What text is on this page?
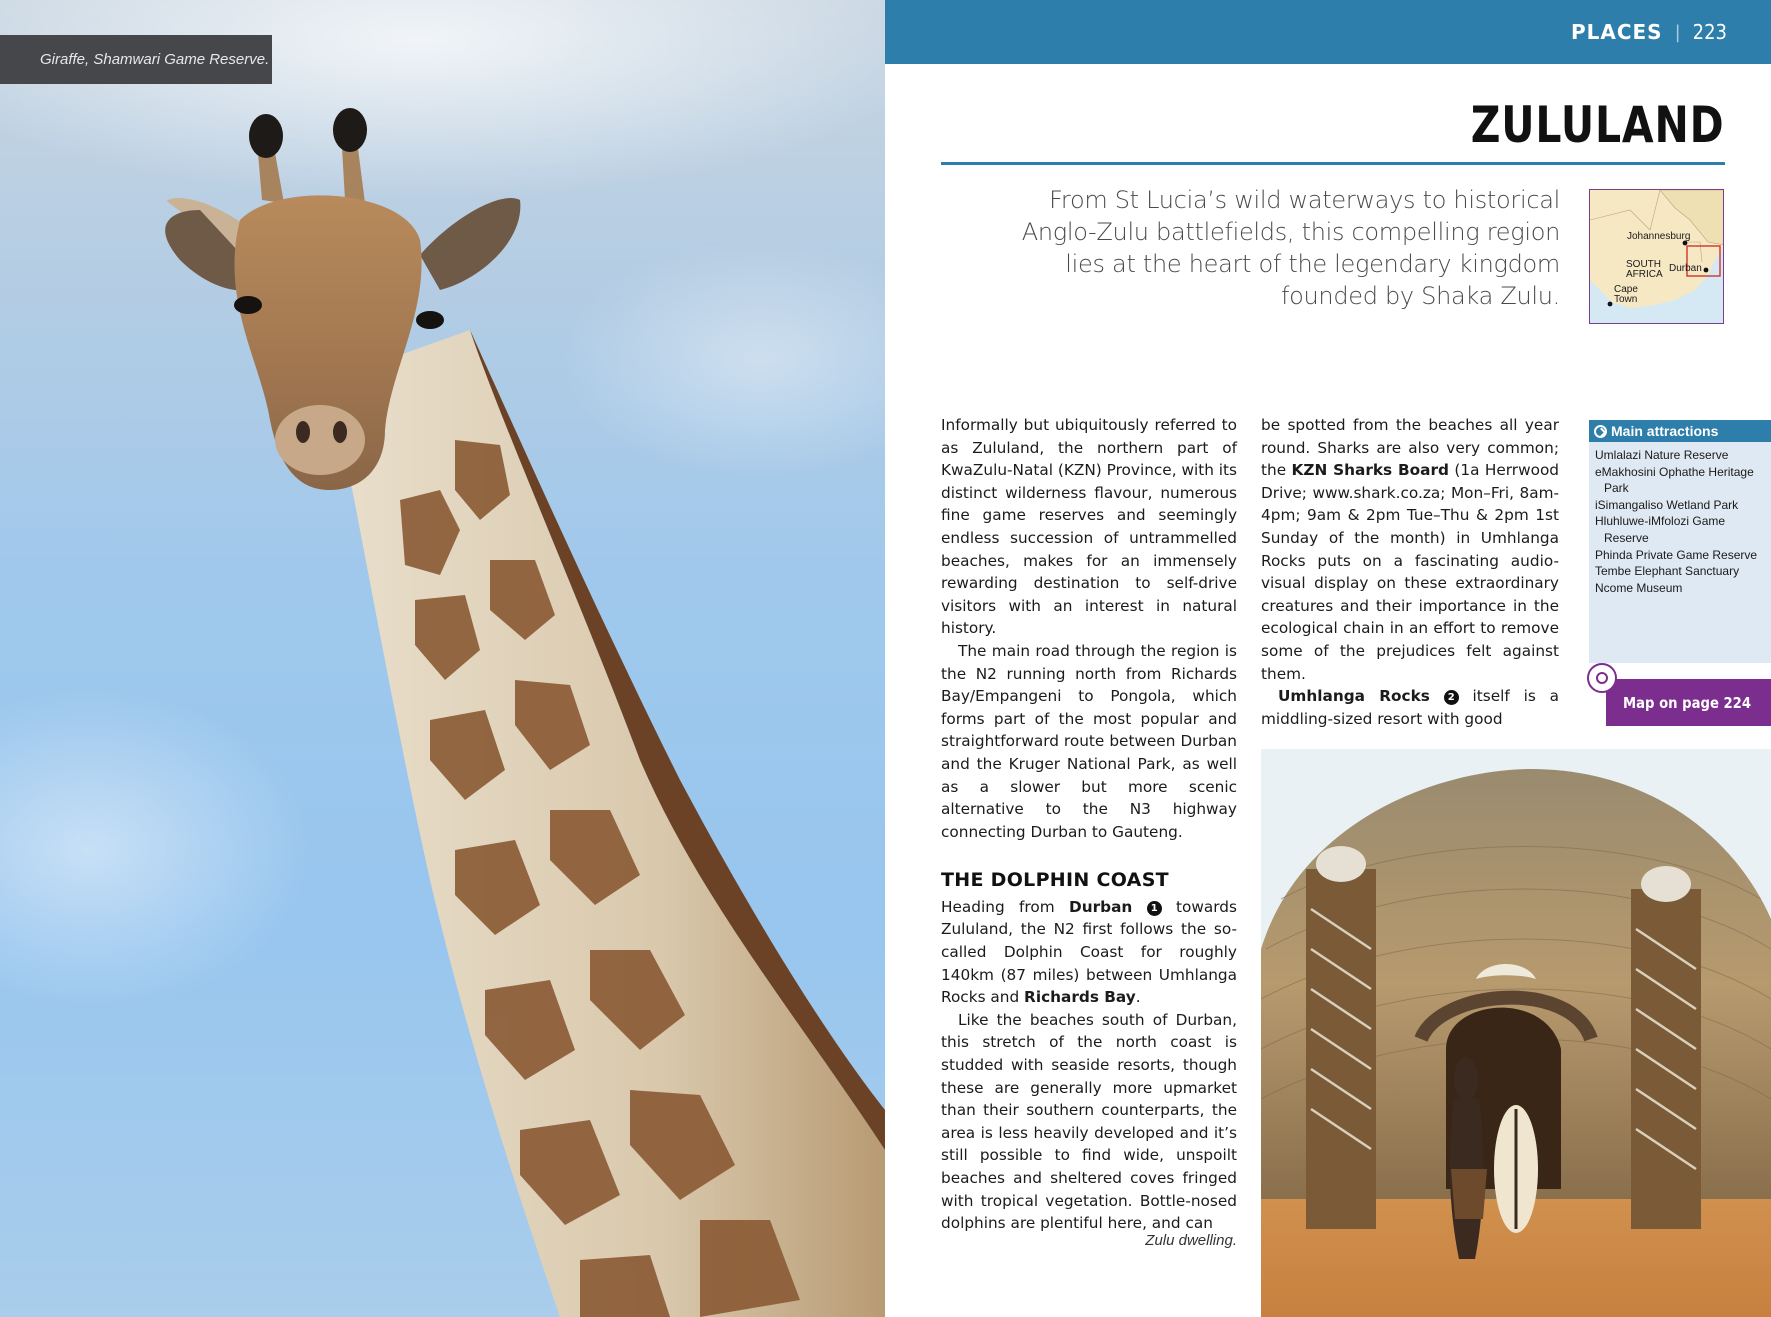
Giraffe, Shamwari Game Reserve.
PLACES | 223
ZULULAND
From St Lucia’s wild waterways to historical Anglo-Zulu battlefields, this compelling region lies at the heart of the legendary kingdom founded by Shaka Zulu.
Johannesburg
SOUTH AFRICA
Durban
Cape Town

Informally but ubiquitously referred to as Zululand, the northern part of KwaZulu-Natal (KZN) Province, with its distinct wilderness flavour, numerous fine game reserves and seemingly endless succession of untrammelled beaches, makes for an immensely rewarding destination to self-drive visitors with an interest in natural history.

The main road through the region is the N2 running north from Richards Bay/Empangeni to Pongola, which forms part of the most popular and straightforward route between Durban and the Kruger National Park, as well as a slower but more scenic alternative to the N3 highway connecting Durban to Gauteng.

THE DOLPHIN COAST

Heading from Durban 1 towards Zululand, the N2 first follows the so-called Dolphin Coast for roughly 140km (87 miles) between Umhlanga Rocks and Richards Bay.

Like the beaches south of Durban, this stretch of the north coast is studded with seaside resorts, though these are generally more upmarket than their southern counterparts, the area is less heavily developed and it’s still possible to find wide, unspoilt beaches and sheltered coves fringed with tropical vegetation. Bottle-nosed dolphins are plentiful here, and can

be spotted from the beaches all year round. Sharks are also very common; the KZN Sharks Board (1a Herrwood Drive; www.shark.co.za; Mon–Fri, 8am-4pm; 9am & 2pm Tue–Thu & 2pm 1st Sunday of the month) in Umhlanga Rocks puts on a fascinating audio-visual display on these extraordinary creatures and their importance in the ecological chain in an effort to remove some of the prejudices felt against them.

Umhlanga Rocks 2 itself is a middling-sized resort with good

Zulu dwelling.
Main attractions
Umlalazi Nature Reserve
eMakhosini Ophathe Heritage Park
iSimangaliso Wetland Park
Hluhluwe-iMfolozi Game Reserve
Phinda Private Game Reserve
Tembe Elephant Sanctuary
Ncome Museum
Map on page 224
